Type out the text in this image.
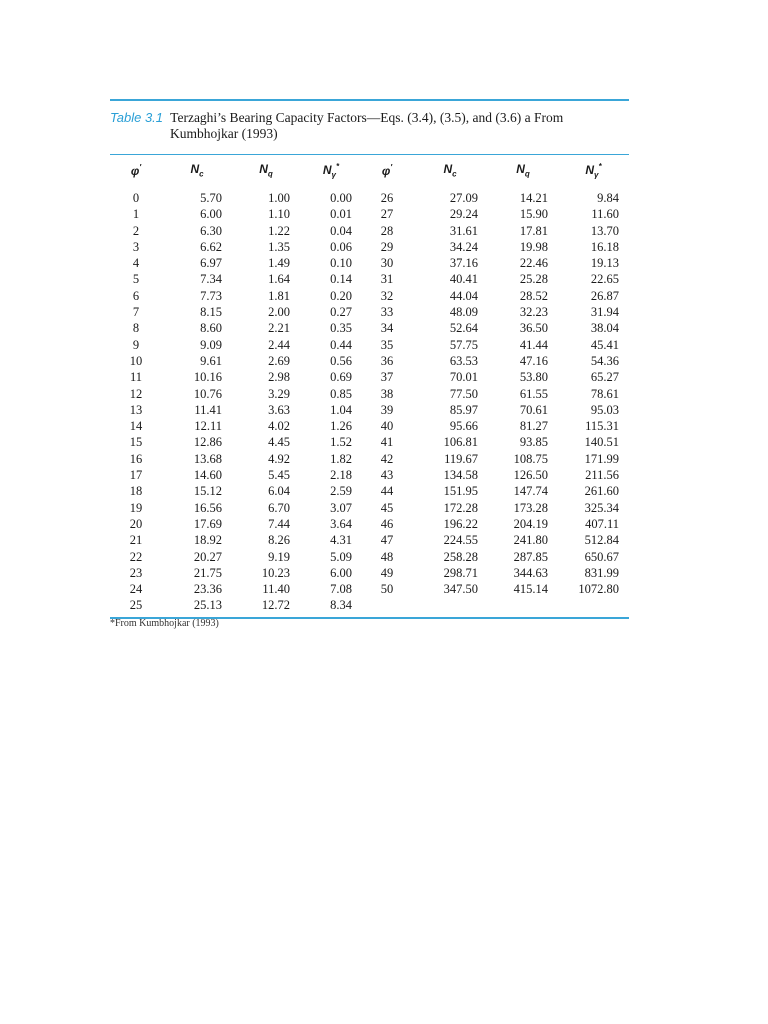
Table 3.1 Terzaghi’s Bearing Capacity Factors—Eqs. (3.4), (3.5), and (3.6) a From
Kumbhojkar (1993)
φ′	$N_c$	$N_q$	$N_\gamma^*$	φ′	$N_c$	$N_q$	$N_\gamma^*$
0	5.70	1.00	0.00	26	27.09	14.21	9.84
1	6.00	1.10	0.01	27	29.24	15.90	11.60
2	6.30	1.22	0.04	28	31.61	17.81	13.70
3	6.62	1.35	0.06	29	34.24	19.98	16.18
4	6.97	1.49	0.10	30	37.16	22.46	19.13
5	7.34	1.64	0.14	31	40.41	25.28	22.65
6	7.73	1.81	0.20	32	44.04	28.52	26.87
7	8.15	2.00	0.27	33	48.09	32.23	31.94
8	8.60	2.21	0.35	34	52.64	36.50	38.04
9	9.09	2.44	0.44	35	57.75	41.44	45.41
10	9.61	2.69	0.56	36	63.53	47.16	54.36
11	10.16	2.98	0.69	37	70.01	53.80	65.27
12	10.76	3.29	0.85	38	77.50	61.55	78.61
13	11.41	3.63	1.04	39	85.97	70.61	95.03
14	12.11	4.02	1.26	40	95.66	81.27	115.31
15	12.86	4.45	1.52	41	106.81	93.85	140.51
16	13.68	4.92	1.82	42	119.67	108.75	171.99
17	14.60	5.45	2.18	43	134.58	126.50	211.56
18	15.12	6.04	2.59	44	151.95	147.74	261.60
19	16.56	6.70	3.07	45	172.28	173.28	325.34
20	17.69	7.44	3.64	46	196.22	204.19	407.11
21	18.92	8.26	4.31	47	224.55	241.80	512.84
22	20.27	9.19	5.09	48	258.28	287.85	650.67
23	21.75	10.23	6.00	49	298.71	344.63	831.99
24	23.36	11.40	7.08	50	347.50	415.14	1072.80
25	25.13	12.72	8.34				
*From Kumbhojkar (1993)
